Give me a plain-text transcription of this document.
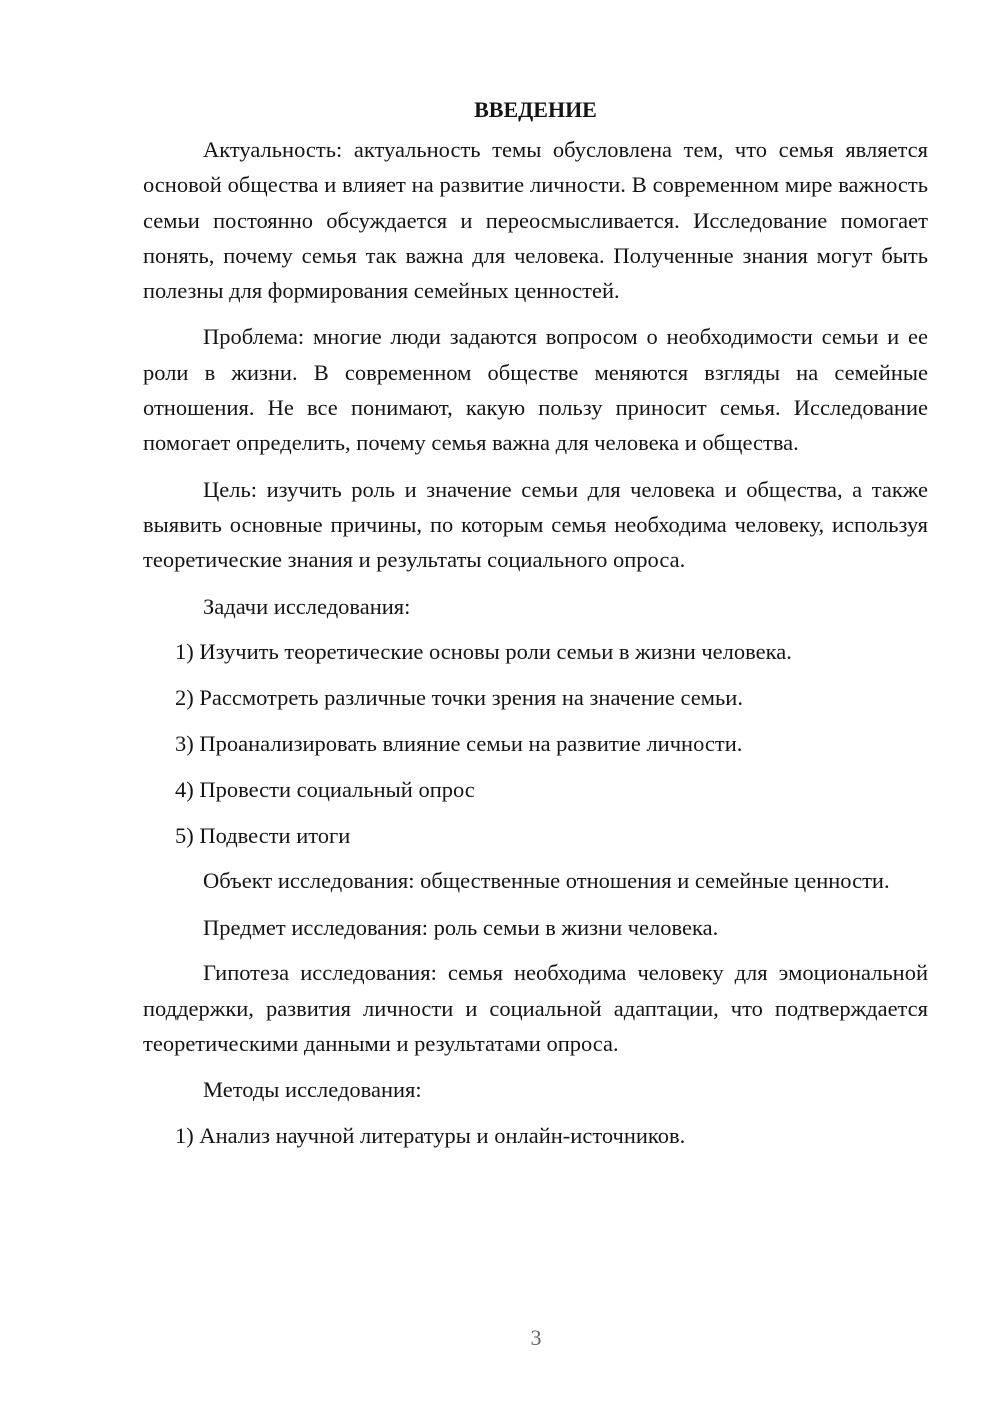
ВВЕДЕНИЕ

Актуальность: актуальность темы обусловлена тем, что семья является основой общества и влияет на развитие личности. В современном мире важность семьи постоянно обсуждается и переосмысливается. Исследование помогает понять, почему семья так важна для человека. Полученные знания могут быть полезны для формирования семейных ценностей.

Проблема: многие люди задаются вопросом о необходимости семьи и ее роли в жизни. В современном обществе меняются взгляды на семейные отношения. Не все понимают, какую пользу приносит семья. Исследование помогает определить, почему семья важна для человека и общества.

Цель: изучить роль и значение семьи для человека и общества, а также выявить основные причины, по которым семья необходима человеку, используя теоретические знания и результаты социального опроса.

Задачи исследования:

1) Изучить теоретические основы роли семьи в жизни человека.

2) Рассмотреть различные точки зрения на значение семьи.

3) Проанализировать влияние семьи на развитие личности.

4) Провести социальный опрос

5) Подвести итоги

Объект исследования: общественные отношения и семейные ценности.

Предмет исследования: роль семьи в жизни человека.

Гипотеза исследования: семья необходима человеку для эмоциональной поддержки, развития личности и социальной адаптации, что подтверждается теоретическими данными и результатами опроса.

Методы исследования:

1) Анализ научной литературы и онлайн-источников.

3
